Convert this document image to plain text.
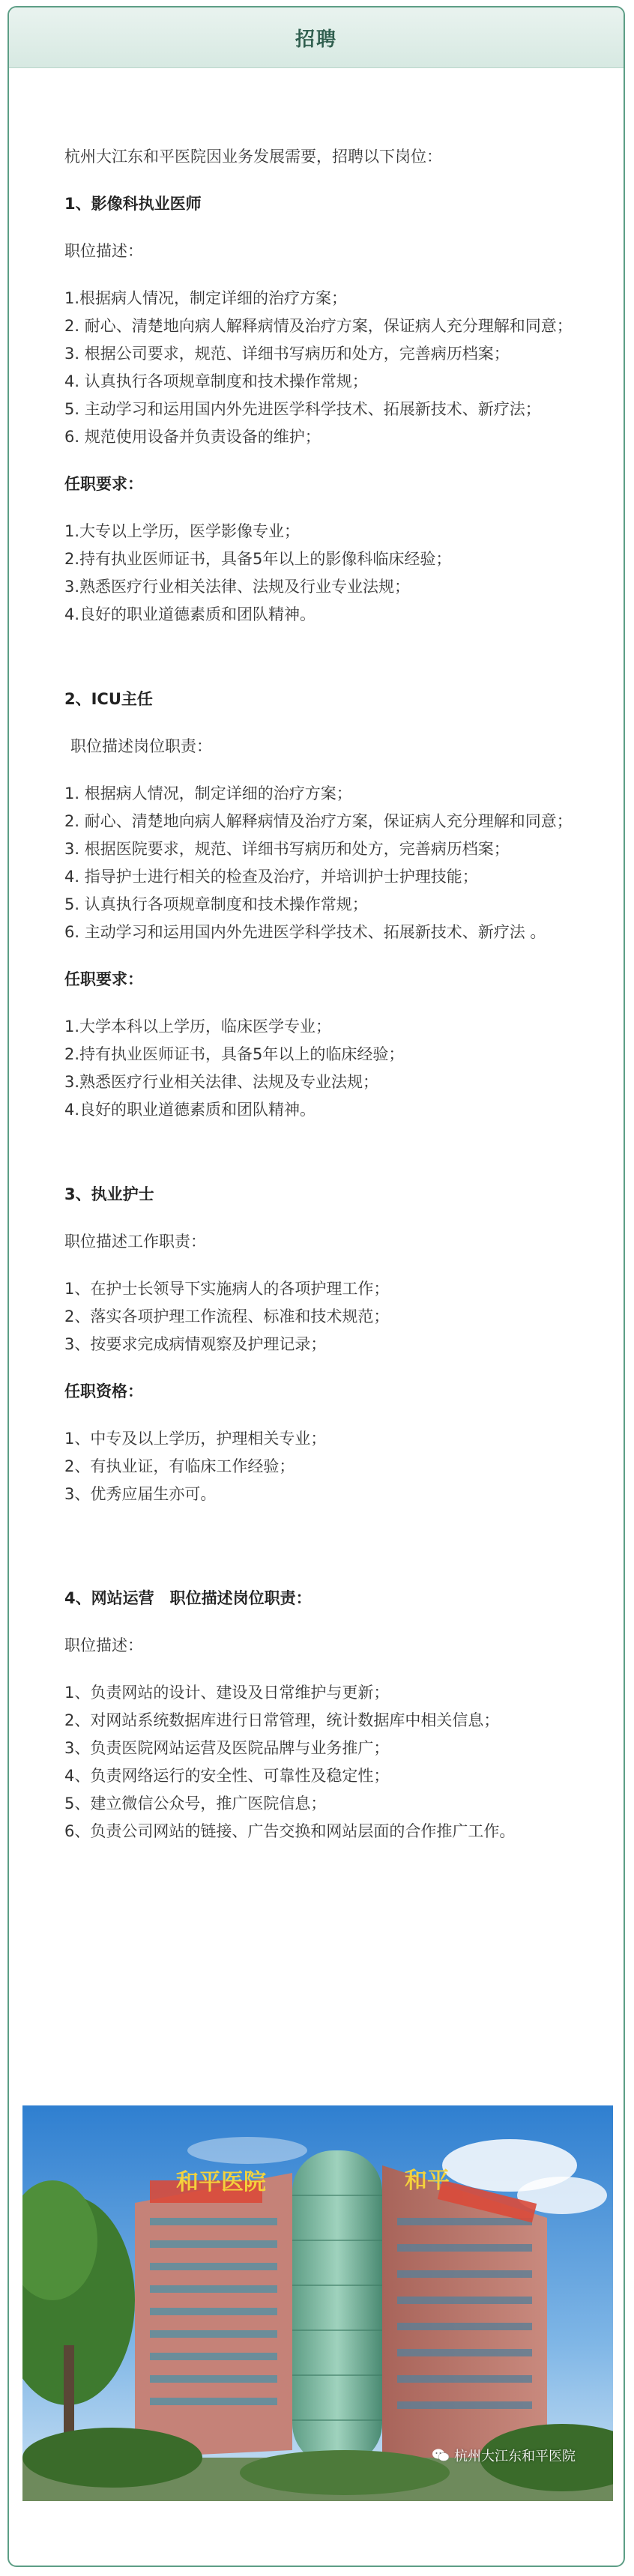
招聘

杭州大江东和平医院因业务发展需要，招聘以下岗位：

1、影像科执业医师

职位描述：

1.根据病人情况，制定详细的治疗方案；

2. 耐心、清楚地向病人解释病情及治疗方案，保证病人充分理解和同意；

3. 根据公司要求，规范、详细书写病历和处方，完善病历档案；

4. 认真执行各项规章制度和技术操作常规；

5. 主动学习和运用国内外先进医学科学技术、拓展新技术、新疗法；

6. 规范使用设备并负责设备的维护；

任职要求：

1.大专以上学历，医学影像专业；

2.持有执业医师证书，具备5年以上的影像科临床经验；

3.熟悉医疗行业相关法律、法规及行业专业法规；

4.良好的职业道德素质和团队精神。

2、ICU主任

职位描述岗位职责：

1. 根据病人情况，制定详细的治疗方案；

2. 耐心、清楚地向病人解释病情及治疗方案，保证病人充分理解和同意；

3. 根据医院要求，规范、详细书写病历和处方，完善病历档案；

4. 指导护士进行相关的检查及治疗，并培训护士护理技能；

5. 认真执行各项规章制度和技术操作常规；

6. 主动学习和运用国内外先进医学科学技术、拓展新技术、新疗法 。

任职要求：

1.大学本科以上学历，临床医学专业；

2.持有执业医师证书，具备5年以上的临床经验；

3.熟悉医疗行业相关法律、法规及专业法规；

4.良好的职业道德素质和团队精神。

3、执业护士

职位描述工作职责：

1、在护士长领导下实施病人的各项护理工作；

2、落实各项护理工作流程、标准和技术规范；

3、按要求完成病情观察及护理记录；

任职资格：

1、中专及以上学历，护理相关专业；

2、有执业证，有临床工作经验；

3、优秀应届生亦可。

4、网站运营　职位描述岗位职责：

职位描述：

1、负责网站的设计、建设及日常维护与更新；

2、对网站系统数据库进行日常管理，统计数据库中相关信息；

3、负责医院网站运营及医院品牌与业务推广；

4、负责网络运行的安全性、可靠性及稳定性；

5、建立微信公众号，推广医院信息；

6、负责公司网站的链接、广告交换和网站层面的合作推广工作。

和平医院	和平
杭州大江东和平医院
